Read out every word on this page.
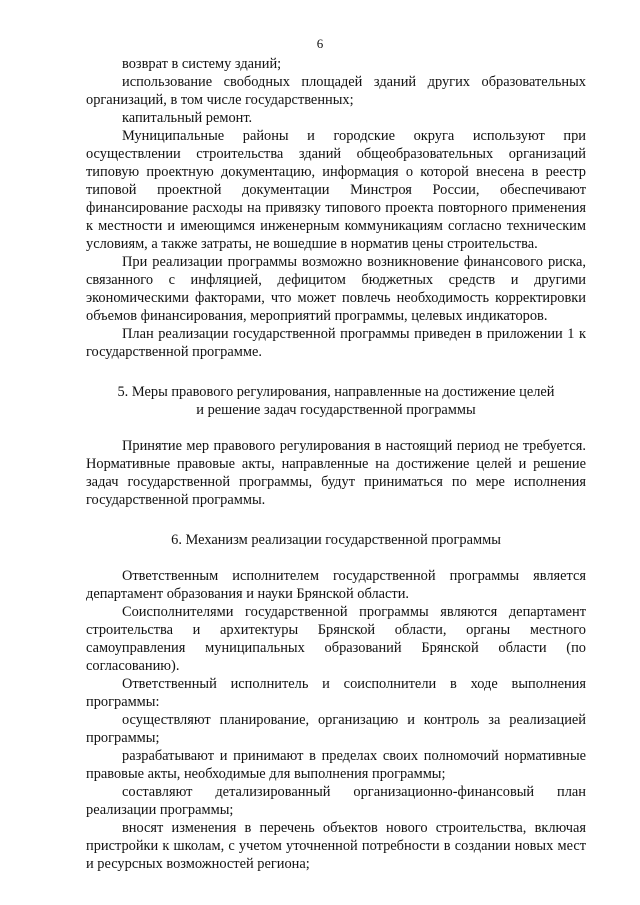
6

возврат в систему зданий;

использование свободных площадей зданий других образовательных организаций, в том числе государственных;

капитальный ремонт.

Муниципальные районы и городские округа используют при осуществлении строительства зданий общеобразовательных организаций типовую проектную документацию, информация о которой внесена в реестр типовой проектной документации Минстроя России, обеспечивают финансирование расходы на привязку типового проекта повторного применения к местности и имеющимся инженерным коммуникациям согласно техническим условиям, а также затраты, не вошедшие в норматив цены строительства.

При реализации программы возможно возникновение финансового риска, связанного с инфляцией, дефицитом бюджетных средств и другими экономическими факторами, что может повлечь необходимость корректировки объемов финансирования, мероприятий программы, целевых индикаторов.

План реализации государственной программы приведен в приложении 1 к государственной программе.

5. Меры правового регулирования, направленные на достижение целей
и решение задач государственной программы

Принятие мер правового регулирования в настоящий период не требуется. Нормативные правовые акты, направленные на достижение целей и решение задач государственной программы, будут приниматься по мере исполнения государственной программы.

6. Механизм реализации государственной программы

Ответственным исполнителем государственной программы является департамент образования и науки Брянской области.

Соисполнителями государственной программы являются департамент строительства и архитектуры Брянской области, органы местного самоуправления муниципальных образований Брянской области (по согласованию).

Ответственный исполнитель и соисполнители в ходе выполнения программы:

осуществляют планирование, организацию и контроль за реализацией программы;

разрабатывают и принимают в пределах своих полномочий нормативные правовые акты, необходимые для выполнения программы;

составляют детализированный организационно-финансовый план реализации программы;

вносят изменения в перечень объектов нового строительства, включая пристройки к школам, с учетом уточненной потребности в создании новых мест и ресурсных возможностей региона;
